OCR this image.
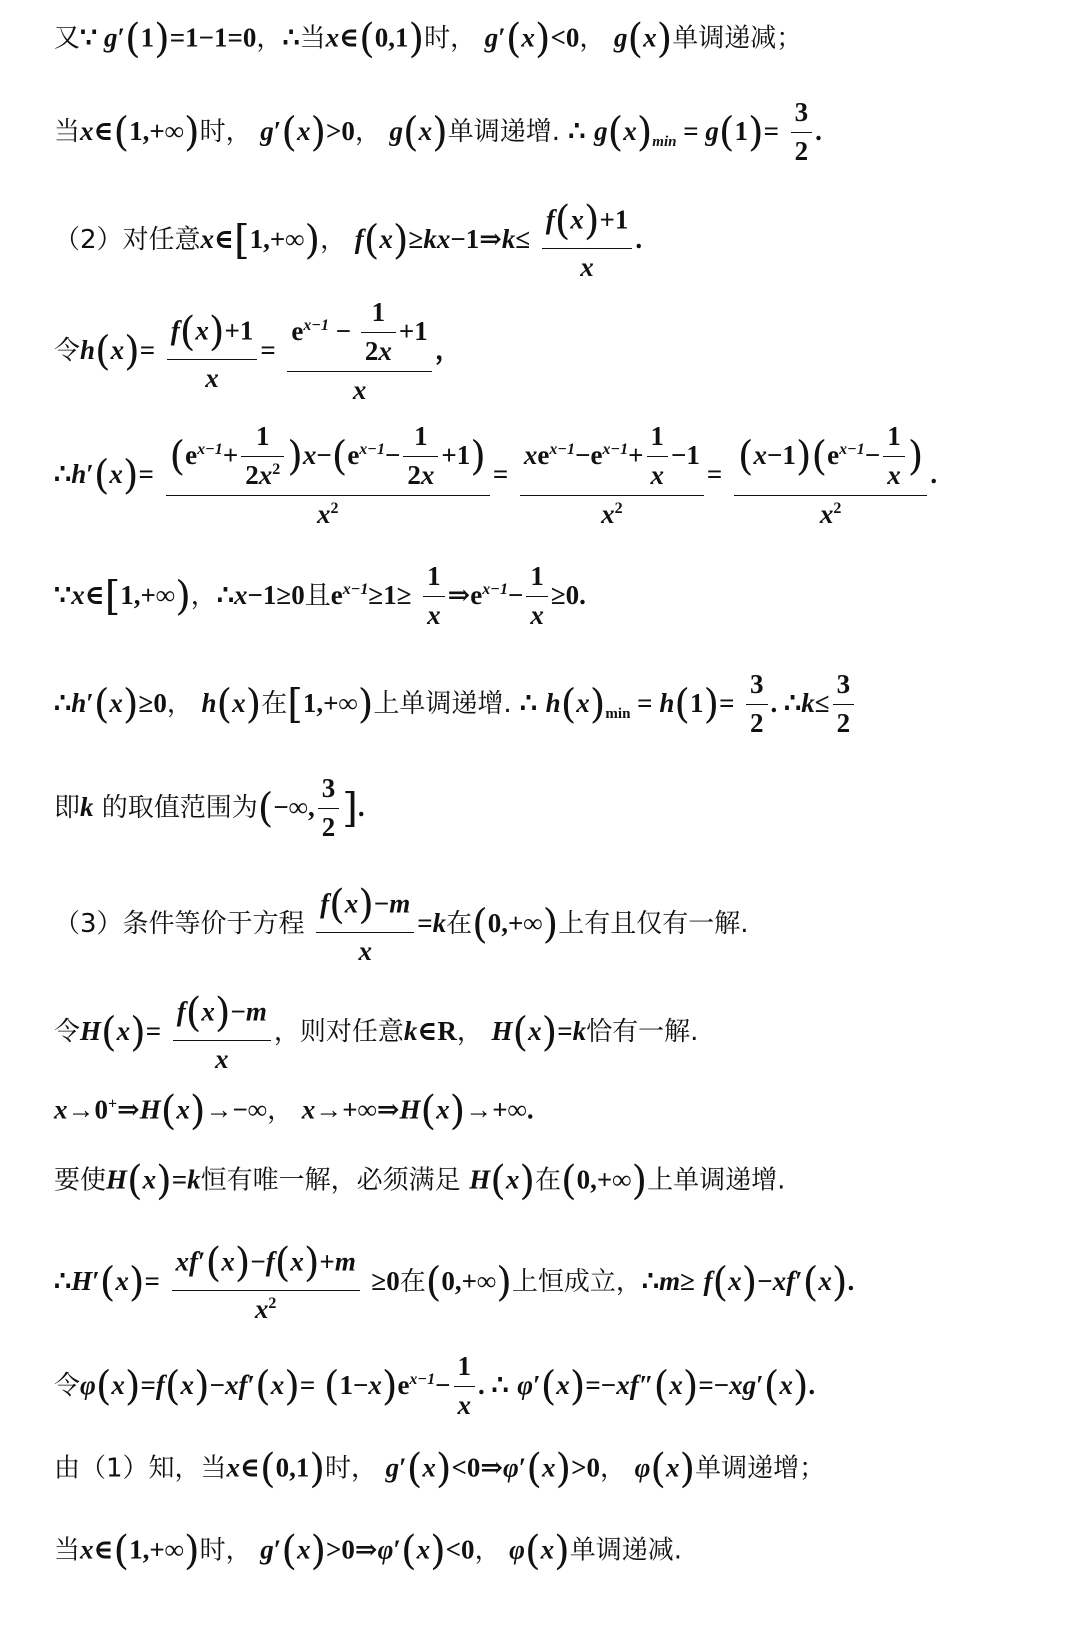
又∵ g′(1)=1−1=0，∴当x∈(0,1)时， g′(x)<0， g(x)单调递减；
当x∈(1,+∞)时， g′(x)>0， g(x)单调递增. ∴ $g(x)_{min} = g(1)= \frac{3}{2}$ .
（2）对任意x∈[1,+∞)， f(x)≥kx−1⇒k≤ $\frac{f(x)+1}{x}$ .
令$h(x)= \frac{f(x)+1}{x} = \frac{e^{x-1} - \frac{1}{2x} +1}{x}$ ，
∴h′(x)= $\frac{(e^{x-1}+ \frac{1}{2x^2} )x-(e^{x-1}- \frac{1}{2x} +1)}{x^2} = \frac{xe^{x-1}-e^{x-1}+ \frac{1}{x} -1}{x^2} = \frac{(x-1)(e^{x-1}- \frac{1}{x} )}{x^2}$ .
∵x∈[1,+∞)，∴x−1≥0且$e^{x-1}\ge 1\ge \frac{1}{x}$ $\Rightarrow e^{x-1}- \frac{1}{x} \ge 0$.
∴h′(x)≥0， h(x)在[1,+∞)上单调递增. ∴ $h(x)_{min} = h(1)= \frac{3}{2}$ . ∴k≤ $\frac{3}{2}$
即k 的取值范围为(−∞, $\frac{3}{2}$ ].
（3）条件等价于方程 $\frac{f(x)-m}{x} =k$在(0,+∞)上有且仅有一解.
令$H(x)= \frac{f(x)-m}{x}$ ，则对任意k∈R， H(x)=k恰有一解.
x→0+⇒H(x)→−∞， x→+∞⇒H(x)→+∞.
要使H(x)=k恒有唯一解，必须满足 H(x)在(0,+∞)上单调递增.
∴H′(x)= $\frac{xf'(x)-f(x)+m}{x^2} \ge 0$在(0,+∞)上恒成立，∴m≥ f(x)−xf′(x).
令$\varphi(x)=f(x)-xf'(x)= (1-x)e^{x-1}- \frac{1}{x}$ . ∴ φ′(x)=−xf″(x)=−xg′(x).
由（1）知，当x∈(0,1)时， g′(x)<0⇒φ′(x)>0， φ(x)单调递增；
当x∈(1,+∞)时， g′(x)>0⇒φ′(x)<0， φ(x)单调递减.
